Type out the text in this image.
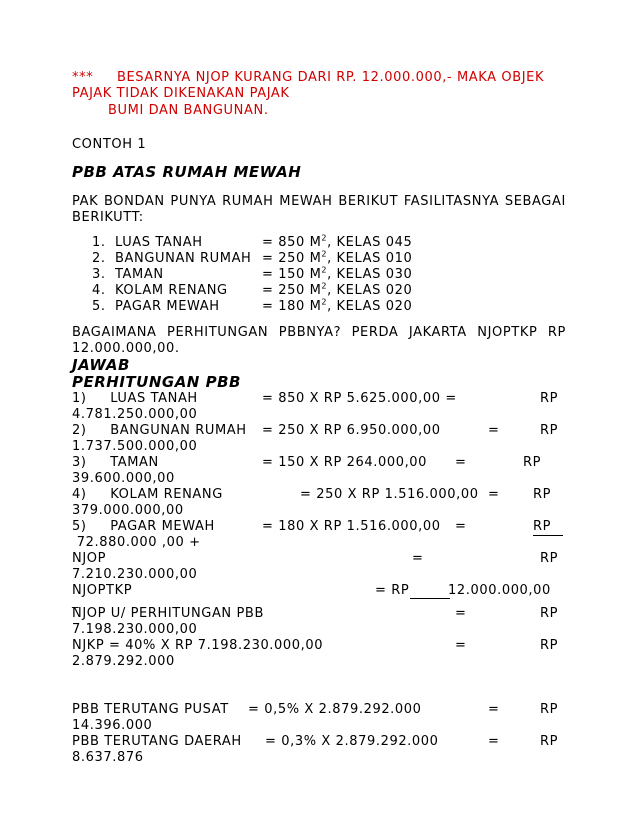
***     BESARNYA NJOP KURANG DARI RP. 12.000.000,- MAKA OBJEK
PAJAK TIDAK DIKENAKAN PAJAK
BUMI DAN BANGUNAN.
CONTOH 1
PBB ATAS RUMAH MEWAH
PAK BONDAN PUNYA RUMAH MEWAH BERIKUT FASILITASNYA SEBAGAI
BERIKUTT:
1. LUAS TANAH	= 850 $M^2$, KELAS 045
2. BANGUNAN RUMAH = 250 $M^2$, KELAS 010
3. TAMAN	= 150 $M^2$, KELAS 030
4. KOLAM RENANG	= 250 $M^2$, KELAS 020
5. PAGAR MEWAH	= 180 $M^2$, KELAS 020
BAGAIMANA PERHITUNGAN PBBNYA? PERDA JAKARTA NJOPTKP RP
12.000.000,00.
JAWAB
PERHITUNGAN PBB
1)     LUAS TANAH	= 850 X RP 5.625.000,00 =	RP
4.781.250.000,00
2)     BANGUNAN RUMAH = 250 X RP 6.950.000,00	=	RP
1.737.500.000,00
3)     TAMAN	= 150 X RP 264.000,00 =	RP
39.600.000,00
4)     KOLAM RENANG	= 250 X RP 1.516.000,00 =	RP
379.000.000,00
5)     PAGAR MEWAH	= 180 X RP 1.516.000,00 =	RP
72.880.000 ,00 +
NJOP	=	RP
7.210.230.000,00
NJOPTKP	= RP	12.000.000,00
_
NJOP U/ PERHITUNGAN PBB	=	RP
7.198.230.000,00
NJKP = 40% X RP 7.198.230.000,00	=	RP
2.879.292.000
PBB TERUTANG PUSAT = 0,5% X 2.879.292.000	=	RP
14.396.000
PBB TERUTANG DAERAH = 0,3% X 2.879.292.000	=	RP
8.637.876
